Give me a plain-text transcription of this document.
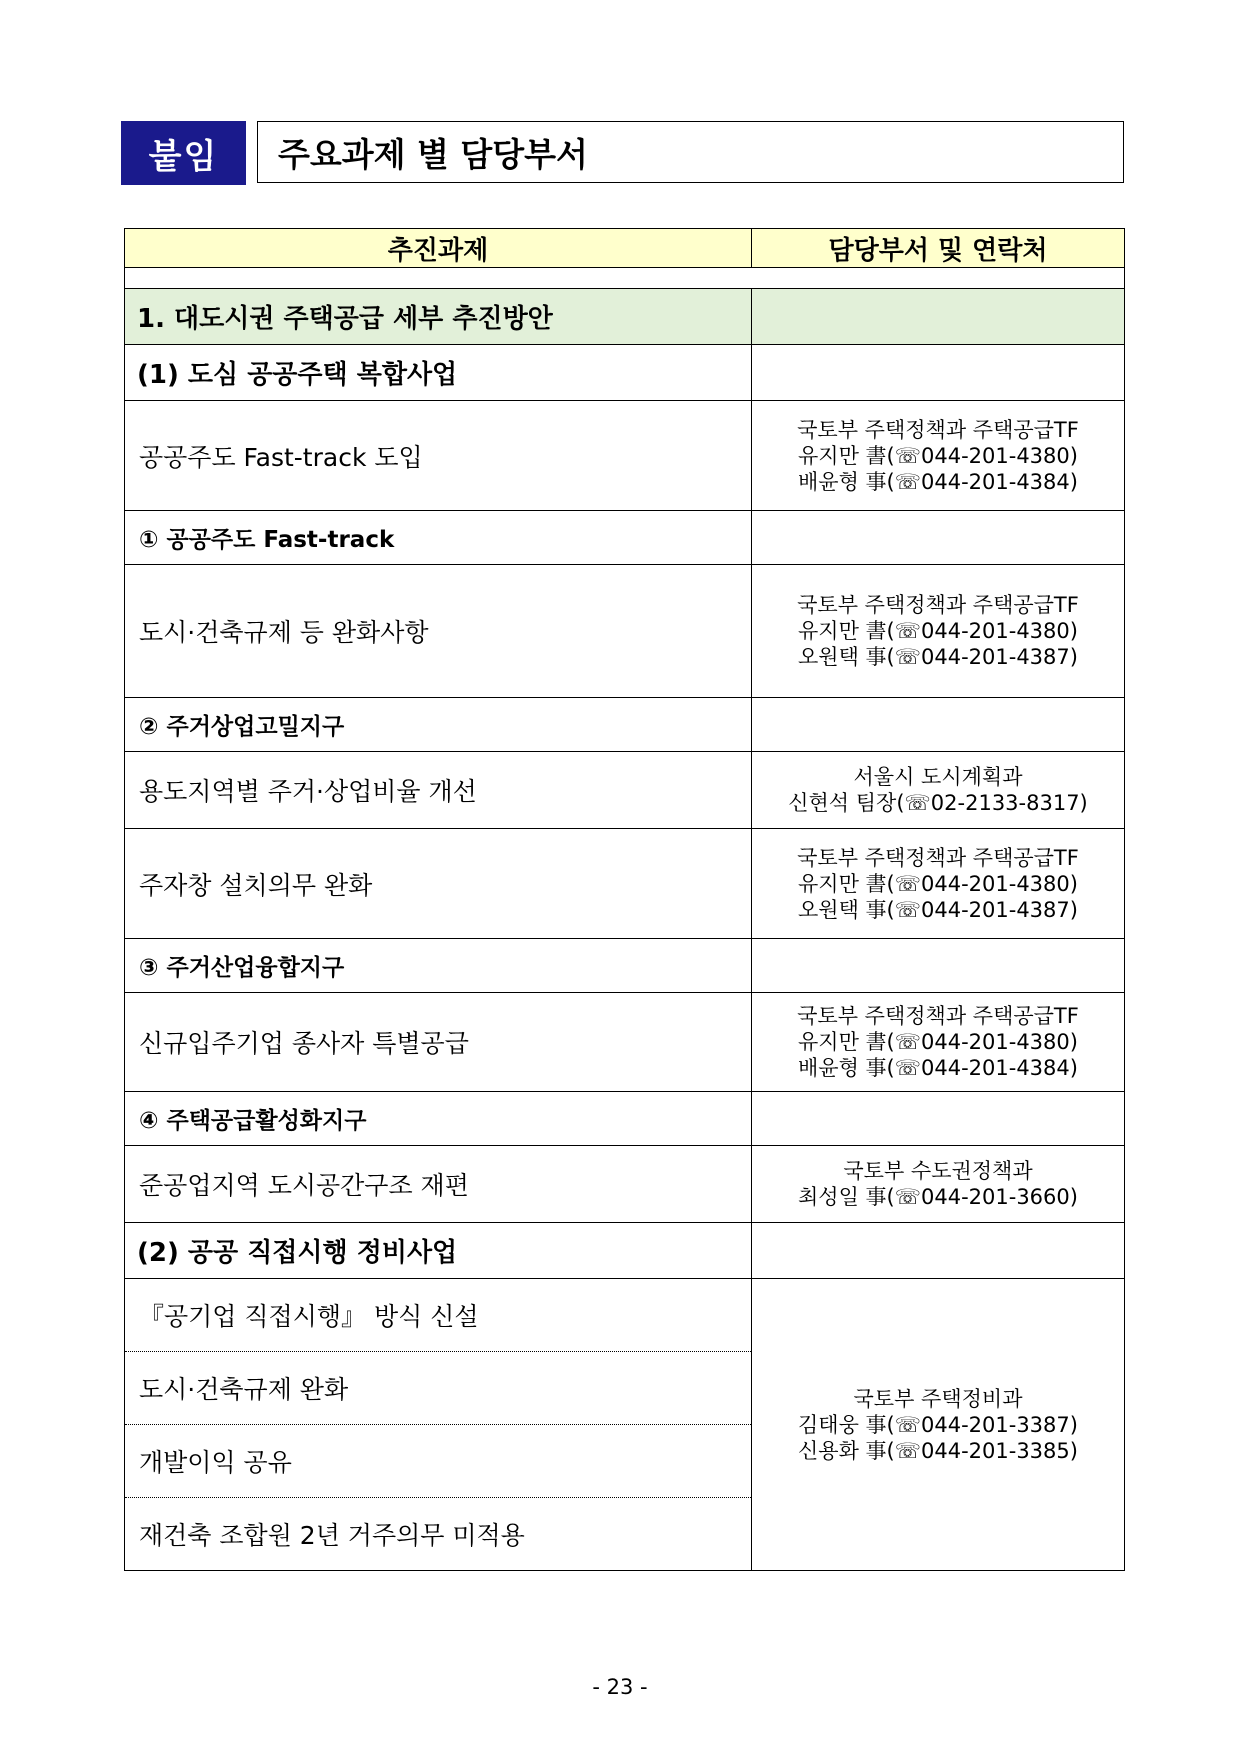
붙임	주요과제 별 담당부서
추진과제	담당부서 및 연락처

1. 대도시권 주택공급 세부 추진방안	
(1) 도심 공공주택 복합사업	
공공주도 Fast-track 도입	국토부 주택정책과 주택공급TF
유지만 書(☏044-201-4380)
배윤형 事(☏044-201-4384)

① 공공주도 Fast-track	
도시·건축규제 등 완화사항	국토부 주택정책과 주택공급TF
유지만 書(☏044-201-4380)
오원택 事(☏044-201-4387)

② 주거상업고밀지구	
용도지역별 주거·상업비율 개선	서울시 도시계획과
신현석 팀장(☏02-2133-8317)

주자창 설치의무 완화	국토부 주택정책과 주택공급TF
유지만 書(☏044-201-4380)
오원택 事(☏044-201-4387)

③ 주거산업융합지구	
신규입주기업 종사자 특별공급	국토부 주택정책과 주택공급TF
유지만 書(☏044-201-4380)
배윤형 事(☏044-201-4384)

④ 주택공급활성화지구	
준공업지역 도시공간구조 재편	국토부 수도권정책과
최성일 事(☏044-201-3660)

(2) 공공 직접시행 정비사업	
『공기업 직접시행』 방식 신설	국토부 주택정비과
김태웅 事(☏044-201-3387)
신용화 事(☏044-201-3385)

도시·건축규제 완화	
개발이익 공유	
재건축 조합원 2년 거주의무 미적용	
- 23 -
